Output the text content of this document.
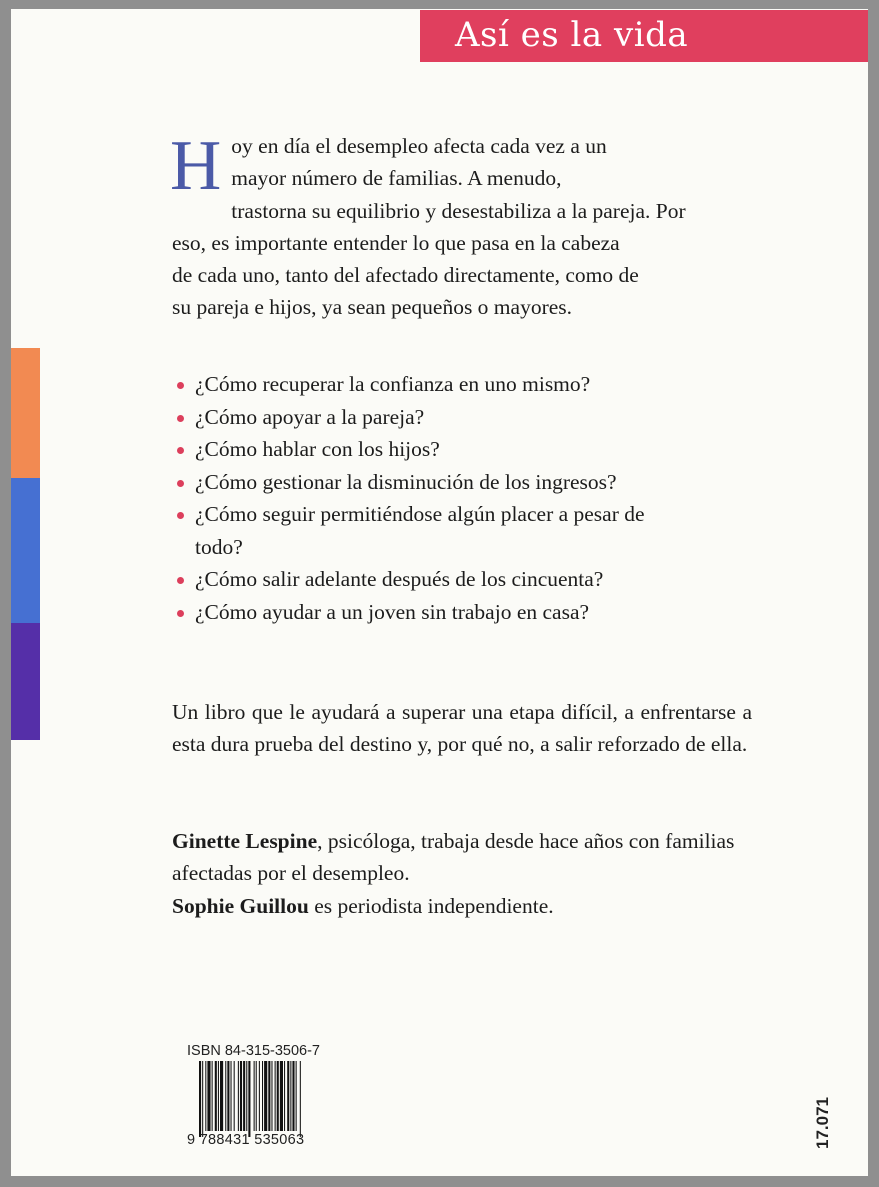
Así es la vida
H oy en día el desempleo afecta cada vez a un
mayor número de familias. A menudo,
trastorna su equilibrio y desestabiliza a la pareja. Por
eso, es importante entender lo que pasa en la cabeza
de cada uno, tanto del afectado directamente, como de
su pareja e hijos, ya sean pequeños o mayores.
¿Cómo recuperar la confianza en uno mismo?
¿Cómo apoyar a la pareja?
¿Cómo hablar con los hijos?
¿Cómo gestionar la disminución de los ingresos?
¿Cómo seguir permitiéndose algún placer a pesar de todo?
¿Cómo salir adelante después de los cincuenta?
¿Cómo ayudar a un joven sin trabajo en casa?
Un libro que le ayudará a superar una etapa difícil, a enfrentarse a esta dura prueba del destino y, por qué no, a salir reforzado de ella.
Ginette Lespine, psicóloga, trabaja desde hace años con familias afectadas por el desempleo.
Sophie Guillou es periodista independiente.
ISBN 84-315-3506-7
9 788431 535063	17.071
